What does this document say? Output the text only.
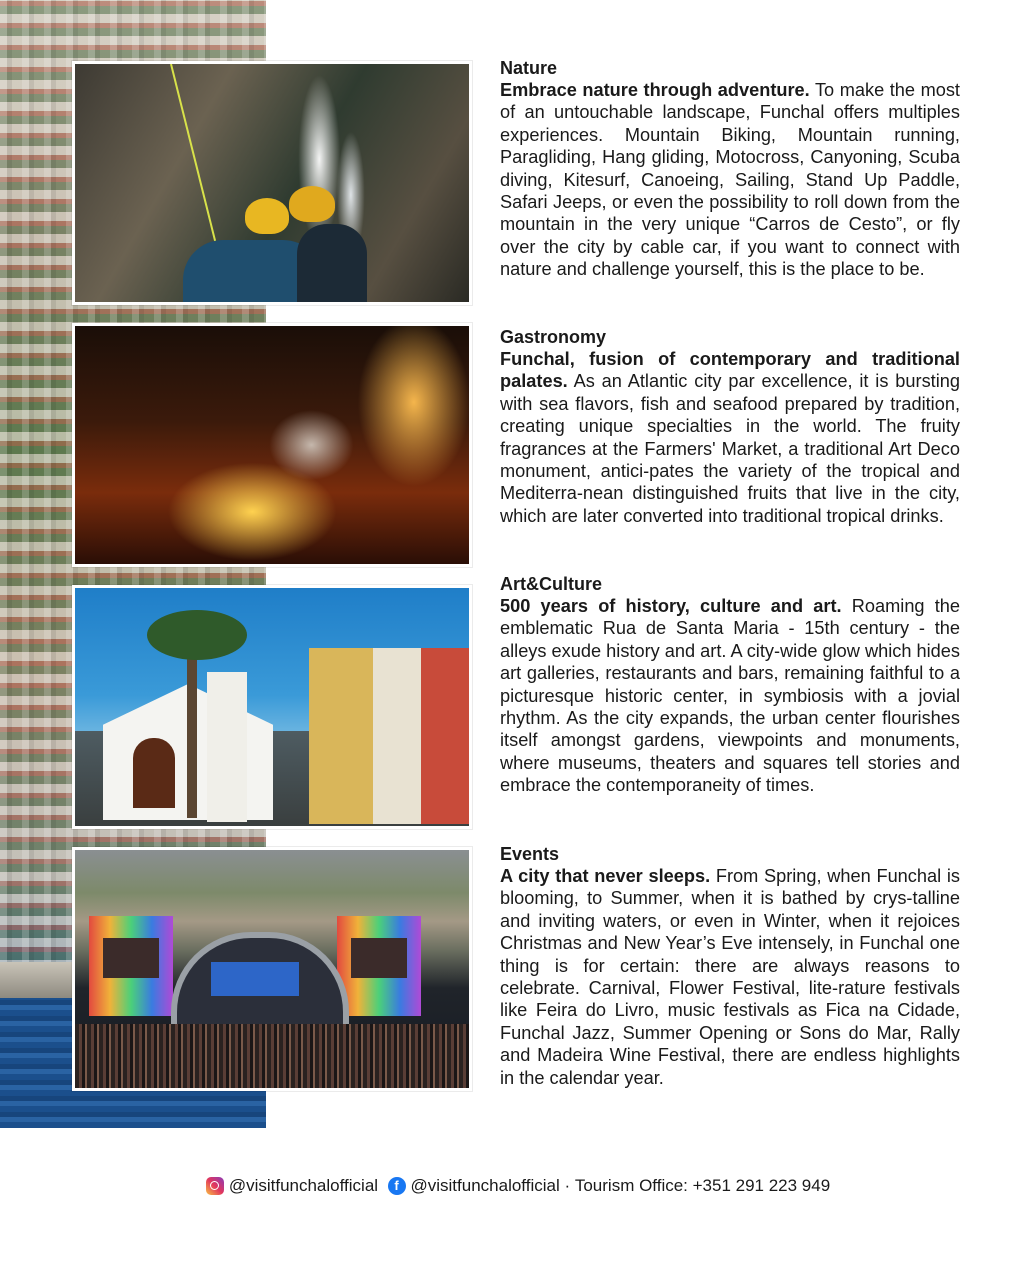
Nature

Embrace nature through adventure. To make the most of an untouchable landscape, Funchal offers multiples experiences. Mountain Biking, Mountain running, Paragliding, Hang gliding, Motocross, Canyoning, Scuba diving, Kitesurf, Canoeing, Sailing, Stand Up Paddle, Safari Jeeps, or even the possibility to roll down from the mountain in the very unique “Carros de Cesto”, or fly over the city by cable car, if you want to connect with nature and challenge yourself, this is the place to be.

Gastronomy

Funchal, fusion of contemporary and traditional palates. As an Atlantic city par excellence, it is bursting with sea flavors, fish and seafood prepared by tradition, creating unique specialties in the world. The fruity fragrances at the Farmers' Market, a traditional Art Deco monument, antici-pates the variety of the tropical and Mediterra-nean distinguished fruits that live in the city, which are later converted into traditional tropical drinks.

Art&Culture

500 years of history, culture and art. Roaming the emblematic Rua de Santa Maria - 15th century - the alleys exude history and art. A city-wide glow which hides art galleries, restaurants and bars, remaining faithful to a picturesque historic center, in symbiosis with a jovial rhythm. As the city expands, the urban center flourishes itself amongst gardens, viewpoints and monuments, where museums, theaters and squares tell stories and embrace the contemporaneity of times.

Events

A city that never sleeps. From Spring, when Funchal is blooming, to Summer, when it is bathed by crys-talline and inviting waters, or even in Winter, when it rejoices Christmas and New Year’s Eve intensely, in Funchal one thing is for certain: there are always reasons to celebrate. Carnival, Flower Festival, lite-rature festivals like Feira do Livro, music festivals as Fica na Cidade, Funchal Jazz, Summer Opening or Sons do Mar, Rally and Madeira Wine Festival, there are endless highlights in the calendar year.

@visitfunchalofficial  f @visitfunchalofficial · Tourism Office: +351 291 223 949
